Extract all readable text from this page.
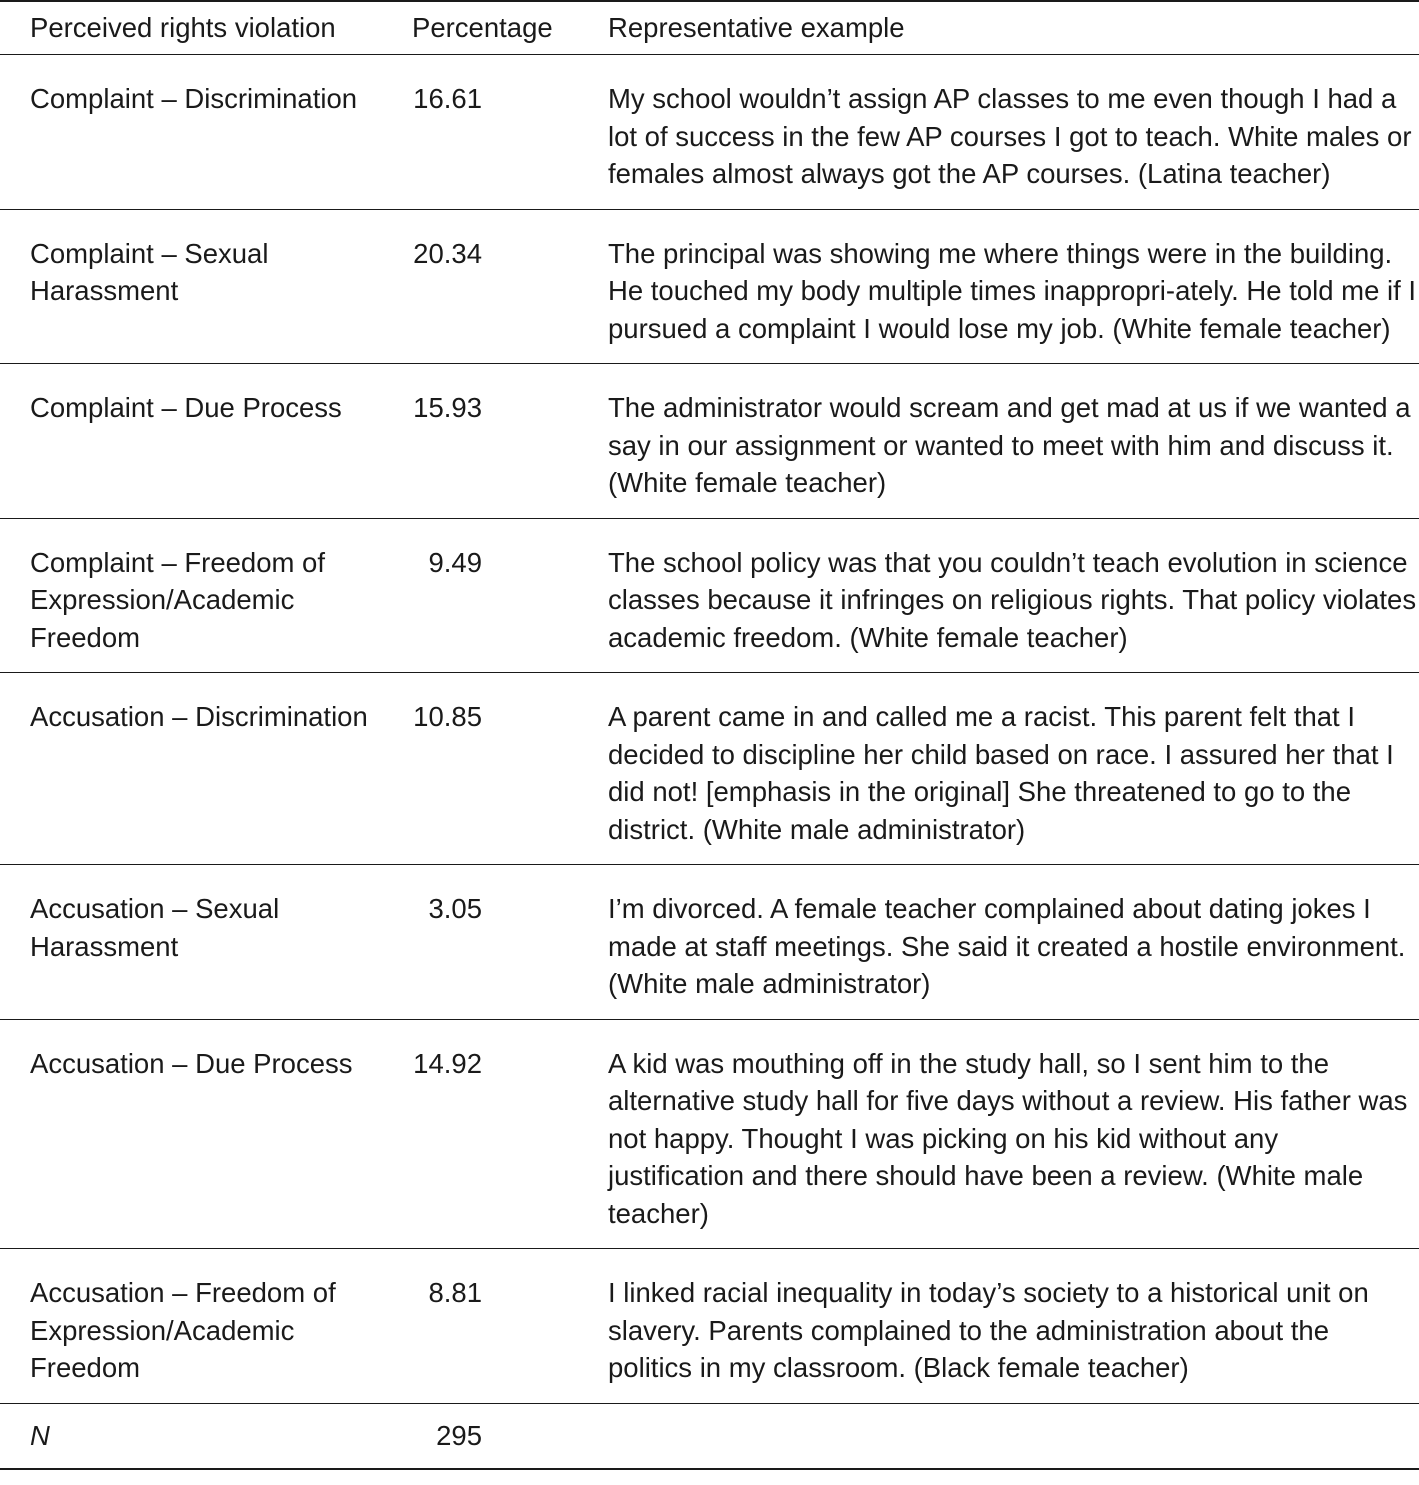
Perceived rights violation	Percentage	Representative example
Complaint – Discrimination	16.61	My school wouldn’t assign AP classes to me even though I had a lot of success in the few AP courses I got to teach. White males or females almost always got the AP courses. (Latina teacher)
Complaint – Sexual Harassment	20.34	The principal was showing me where things were in the building. He touched my body multiple times inappropri-ately. He told me if I pursued a complaint I would lose my job. (White female teacher)
Complaint – Due Process	15.93	The administrator would scream and get mad at us if we wanted a say in our assignment or wanted to meet with him and discuss it. (White female teacher)
Complaint – Freedom of Expression/Academic Freedom	9.49	The school policy was that you couldn’t teach evolution in science classes because it infringes on religious rights. That policy violates academic freedom. (White female teacher)
Accusation – Discrimination	10.85	A parent came in and called me a racist. This parent felt that I decided to discipline her child based on race. I assured her that I did not! [emphasis in the original] She threatened to go to the district. (White male administrator)
Accusation – Sexual Harassment	3.05	I’m divorced. A female teacher complained about dating jokes I made at staff meetings. She said it created a hostile environment. (White male administrator)
Accusation – Due Process	14.92	A kid was mouthing off in the study hall, so I sent him to the alternative study hall for five days without a review. His father was not happy. Thought I was picking on his kid without any justification and there should have been a review. (White male teacher)
Accusation – Freedom of Expression/Academic Freedom	8.81	I linked racial inequality in today’s society to a historical unit on slavery. Parents complained to the administration about the politics in my classroom. (Black female teacher)
N	295	
